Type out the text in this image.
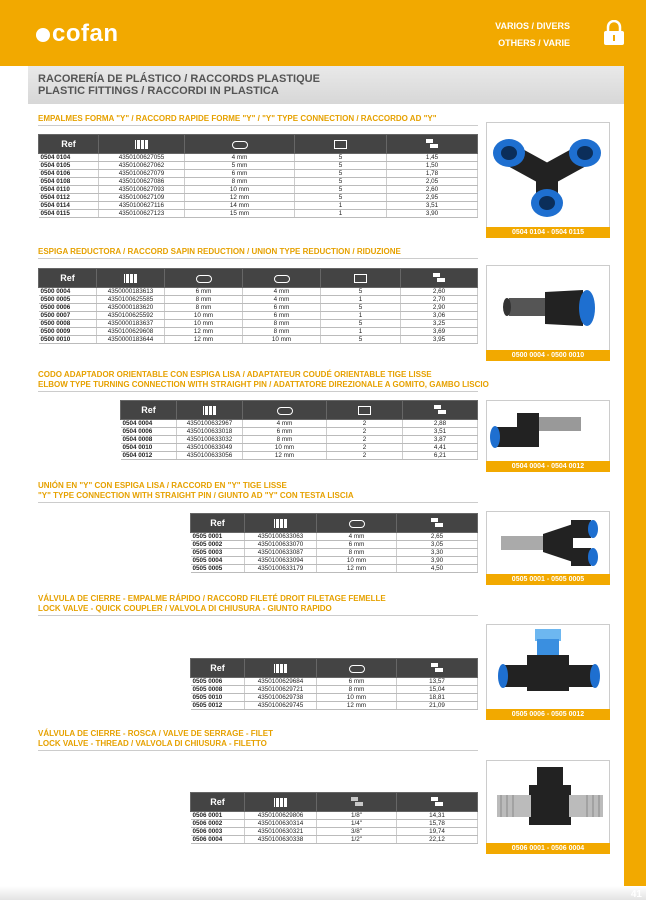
cofan	VARIOS / DIVERS
OTHERS / VARIE
RACORERÍA DE PLÁSTICO / RACCORDS PLASTIQUE
PLASTIC FITTINGS / RACCORDI IN PLASTICA
EMPALMES FORMA "Y" / RACCORD RAPIDE FORME "Y" / "Y" TYPE CONNECTION / RACCORDO AD "Y"
Ref				
0504 0104	4350100627055	4 mm	5	1,45
0504 0105	4350100627062	5 mm	5	1,50
0504 0106	4350100627079	6 mm	5	1,78
0504 0108	4350100627086	8 mm	5	2,05
0504 0110	4350100627093	10 mm	5	2,60
0504 0112	4350100627109	12 mm	5	2,95
0504 0114	4350100627116	14 mm	1	3,51
0504 0115	4350100627123	15 mm	1	3,90
0504 0104 - 0504 0115
ESPIGA REDUCTORA / RACCORD SAPIN REDUCTION / UNION TYPE REDUCTION / RIDUZIONE
Ref					
0500 0004	4350000183613	6 mm	4 mm	5	2,60
0500 0005	4350100625585	8 mm	4 mm	1	2,70
0500 0006	4350000183620	8 mm	6 mm	5	2,90
0500 0007	4350100625592	10 mm	6 mm	1	3,06
0500 0008	4350000183637	10 mm	8 mm	5	3,25
0500 0009	4350100629608	12 mm	8 mm	1	3,69
0500 0010	4350000183644	12 mm	10 mm	5	3,95
0500 0004 - 0500 0010
CODO ADAPTADOR ORIENTABLE CON ESPIGA LISA / ADAPTATEUR COUDÉ ORIENTABLE TIGE LISSE
ELBOW TYPE TURNING CONNECTION WITH STRAIGHT PIN / ADATTATORE DIREZIONALE A GOMITO, GAMBO LISCIO
Ref				
0504 0004	4350100632967	4 mm	2	2,88
0504 0006	4350100633018	6 mm	2	3,51
0504 0008	4350100633032	8 mm	2	3,87
0504 0010	4350100633049	10 mm	2	4,41
0504 0012	4350100633056	12 mm	2	6,21
0504 0004 - 0504 0012
UNIÓN EN "Y" CON ESPIGA LISA / RACCORD EN "Y" TIGE LISSE
"Y" TYPE CONNECTION WITH STRAIGHT PIN / GIUNTO AD "Y" CON TESTA LISCIA
Ref			
0505 0001	4350100633063	4 mm	2,65
0505 0002	4350100633070	6 mm	3,05
0505 0003	4350100633087	8 mm	3,30
0505 0004	4350100633094	10 mm	3,90
0505 0005	4350100633179	12 mm	4,50
0505 0001 - 0505 0005
VÁLVULA DE CIERRE - EMPALME RÁPIDO / RACCORD FILETÉ DROIT FILETAGE FEMELLE
LOCK VALVE - QUICK COUPLER / VALVOLA DI CHIUSURA - GIUNTO RAPIDO
Ref			
0505 0006	4350100629684	6 mm	13,57
0505 0008	4350100629721	8 mm	15,04
0505 0010	4350100629738	10 mm	18,81
0505 0012	4350100629745	12 mm	21,09
0505 0006 - 0505 0012
VÁLVULA DE CIERRE - ROSCA / VALVE DE SERRAGE - FILET
LOCK VALVE - THREAD / VALVOLA DI CHIUSURA - FILETTO
Ref			
0506 0001	4350100629806	1/8"	14,31
0506 0002	4350100630314	1/4"	15,78
0506 0003	4350100630321	3/8"	19,74
0506 0004	4350100630338	1/2"	22,12
0506 0001 - 0506 0004
41
